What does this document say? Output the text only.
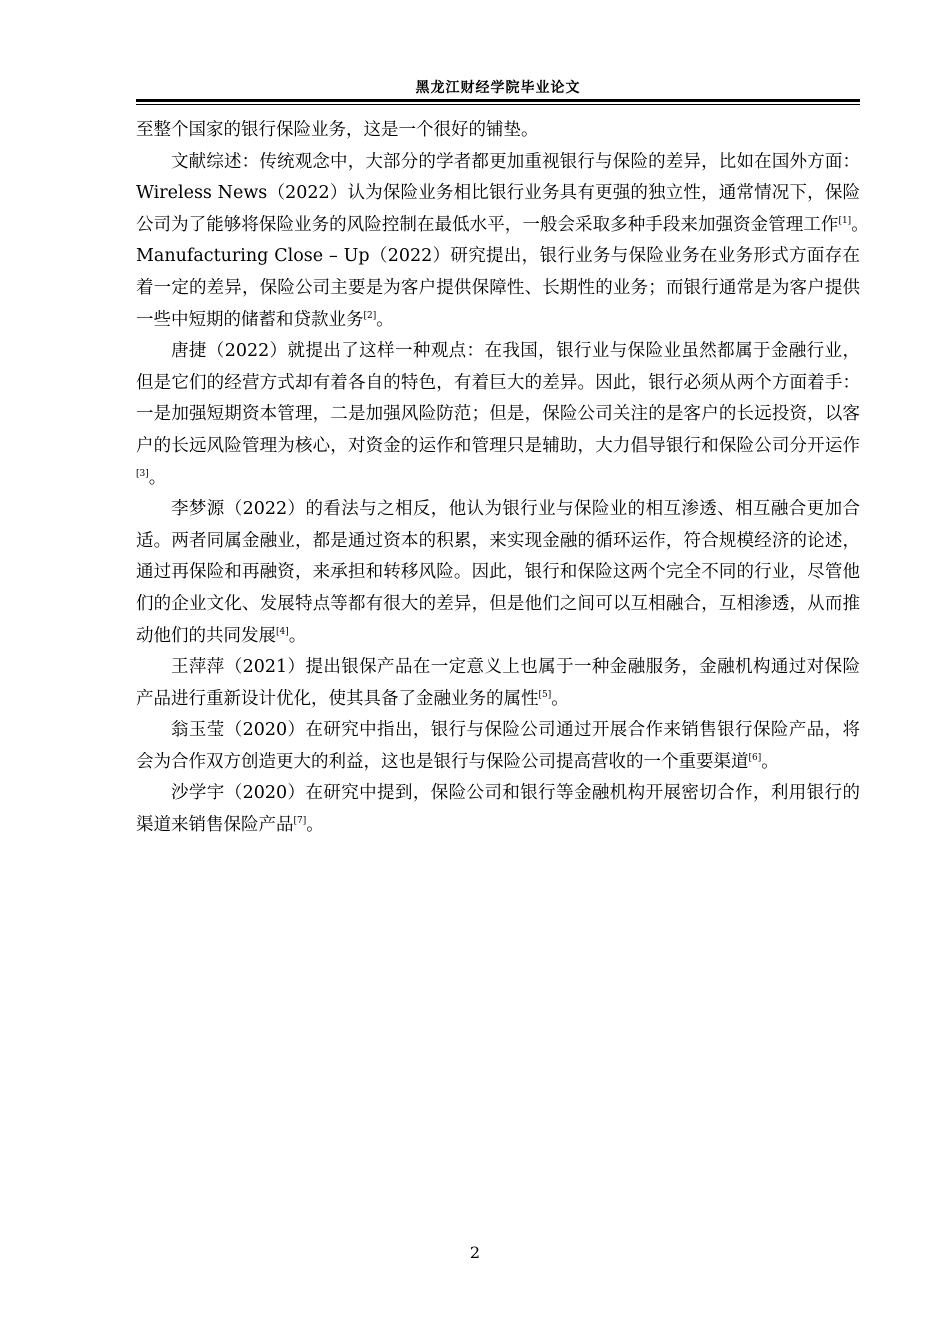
黑龙江财经学院毕业论文

至整个国家的银行保险业务，这是一个很好的铺垫。

文献综述：传统观念中，大部分的学者都更加重视银行与保险的差异，比如在国外方面：Wireless News（2022）认为保险业务相比银行业务具有更强的独立性，通常情况下，保险公司为了能够将保险业务的风险控制在最低水平，一般会采取多种手段来加强资金管理工作[1]。　Manufacturing Close – Up（2022）研究提出，银行业务与保险业务在业务形式方面存在着一定的差异，保险公司主要是为客户提供保障性、长期性的业务；而银行通常是为客户提供一些中短期的储蓄和贷款业务[2]。

唐捷（2022）就提出了这样一种观点：在我国，银行业与保险业虽然都属于金融行业，但是它们的经营方式却有着各自的特色，有着巨大的差异。因此，银行必须从两个方面着手：一是加强短期资本管理，二是加强风险防范；但是，保险公司关注的是客户的长远投资，以客户的长远风险管理为核心，对资金的运作和管理只是辅助，大力倡导银行和保险公司分开运作[3]。

李梦源（2022）的看法与之相反，他认为银行业与保险业的相互渗透、相互融合更加合适。两者同属金融业，都是通过资本的积累，来实现金融的循环运作，符合规模经济的论述，通过再保险和再融资，来承担和转移风险。因此，银行和保险这两个完全不同的行业，尽管他们的企业文化、发展特点等都有很大的差异，但是他们之间可以互相融合，互相渗透，从而推动他们的共同发展[4]。

王萍萍（2021）提出银保产品在一定意义上也属于一种金融服务，金融机构通过对保险产品进行重新设计优化，使其具备了金融业务的属性[5]。

翁玉莹（2020）在研究中指出，银行与保险公司通过开展合作来销售银行保险产品，将会为合作双方创造更大的利益，这也是银行与保险公司提高营收的一个重要渠道[6]。

沙学宇（2020）在研究中提到，保险公司和银行等金融机构开展密切合作，利用银行的渠道来销售保险产品[7]。

2
